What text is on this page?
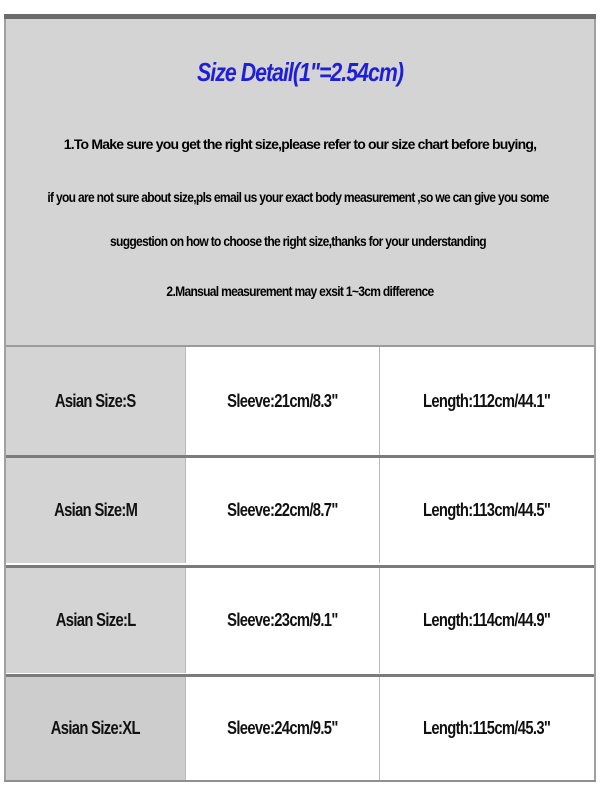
Size Detail(1"=2.54cm)
1.To Make sure you get the right size,please refer to our size chart before buying,
if you are not sure about size,pls email us your exact body measurement ,so we can give you some suggestion on how to choose the right size,thanks for your understanding
2.Mansual measurement may exsit 1~3cm difference
Asian Size:S	Sleeve:21cm/8.3"	Length:112cm/44.1"
Asian Size:M	Sleeve:22cm/8.7"	Length:113cm/44.5"
Asian Size:L	Sleeve:23cm/9.1"	Length:114cm/44.9"
Asian Size:XL	Sleeve:24cm/9.5"	Length:115cm/45.3"
